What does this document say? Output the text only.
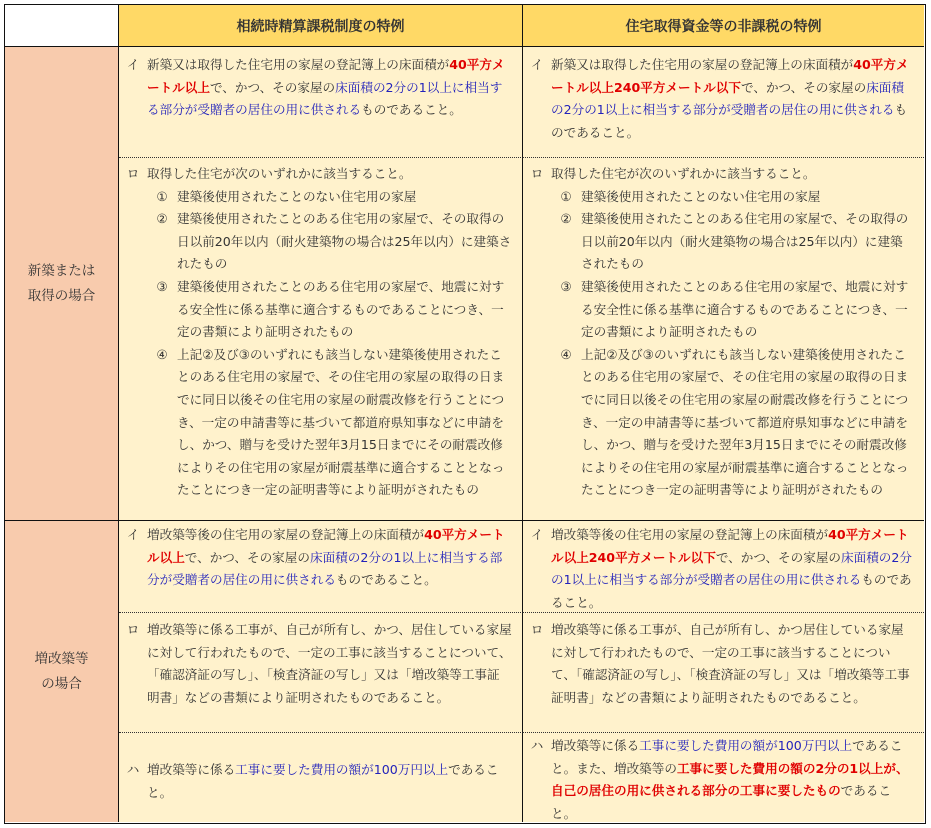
相続時精算課税制度の特例	住宅取得資金等の非課税の特例
新築または
取得の場合
イ 新築又は取得した住宅用の家屋の登記簿上の床面積が40平方メートル以上で、かつ、その家屋の床面積の2分の1以上に相当する部分が受贈者の居住の用に供されるものであること。
イ 新築又は取得した住宅用の家屋の登記簿上の床面積が40平方メートル以上240平方メートル以下で、かつ、その家屋の床面積の2分の1以上に相当する部分が受贈者の居住の用に供されるものであること。
ロ 取得した住宅が次のいずれかに該当すること。
① 建築後使用されたことのない住宅用の家屋
② 建築後使用されたことのある住宅用の家屋で、その取得の日以前20年以内（耐火建築物の場合は25年以内）に建築されたもの
③ 建築後使用されたことのある住宅用の家屋で、地震に対する安全性に係る基準に適合するものであることにつき、一定の書類により証明されたもの
④ 上記②及び③のいずれにも該当しない建築後使用されたことのある住宅用の家屋で、その住宅用の家屋の取得の日までに同日以後その住宅用の家屋の耐震改修を行うことにつき、一定の申請書等に基づいて都道府県知事などに申請をし、かつ、贈与を受けた翌年3月15日までにその耐震改修によりその住宅用の家屋が耐震基準に適合することとなったことにつき一定の証明書等により証明がされたもの
ロ 取得した住宅が次のいずれかに該当すること。
① 建築後使用されたことのない住宅用の家屋
② 建築後使用されたことのある住宅用の家屋で、その取得の日以前20年以内（耐火建築物の場合は25年以内）に建築されたもの
③ 建築後使用されたことのある住宅用の家屋で、地震に対する安全性に係る基準に適合するものであることにつき、一定の書類により証明されたもの
④ 上記②及び③のいずれにも該当しない建築後使用されたことのある住宅用の家屋で、その住宅用の家屋の取得の日までに同日以後その住宅用の家屋の耐震改修を行うことにつき、一定の申請書等に基づいて都道府県知事などに申請をし、かつ、贈与を受けた翌年3月15日までにその耐震改修によりその住宅用の家屋が耐震基準に適合することとなったことにつき一定の証明書等により証明がされたもの
増改築等
の場合
イ 増改築等後の住宅用の家屋の登記簿上の床面積が40平方メートル以上で、かつ、その家屋の床面積の2分の1以上に相当する部分が受贈者の居住の用に供されるものであること。
イ 増改築等後の住宅用の家屋の登記簿上の床面積が40平方メートル以上240平方メートル以下で、かつ、その家屋の床面積の2分の1以上に相当する部分が受贈者の居住の用に供されるものであること。
ロ 増改築等に係る工事が、自己が所有し、かつ、居住している家屋に対して行われたもので、一定の工事に該当することについて、「確認済証の写し」、「検査済証の写し」又は「増改築等工事証明書」などの書類により証明されたものであること。
ロ 増改築等に係る工事が、自己が所有し、かつ居住している家屋に対して行われたもので、一定の工事に該当することについて、「確認済証の写し」、「検査済証の写し」又は「増改築等工事証明書」などの書類により証明されたものであること。
ハ 増改築等に係る工事に要した費用の額が100万円以上であること。
ハ 増改築等に係る工事に要した費用の額が100万円以上であること。また、増改築等の工事に要した費用の額の2分の1以上が、自己の居住の用に供される部分の工事に要したものであること。
